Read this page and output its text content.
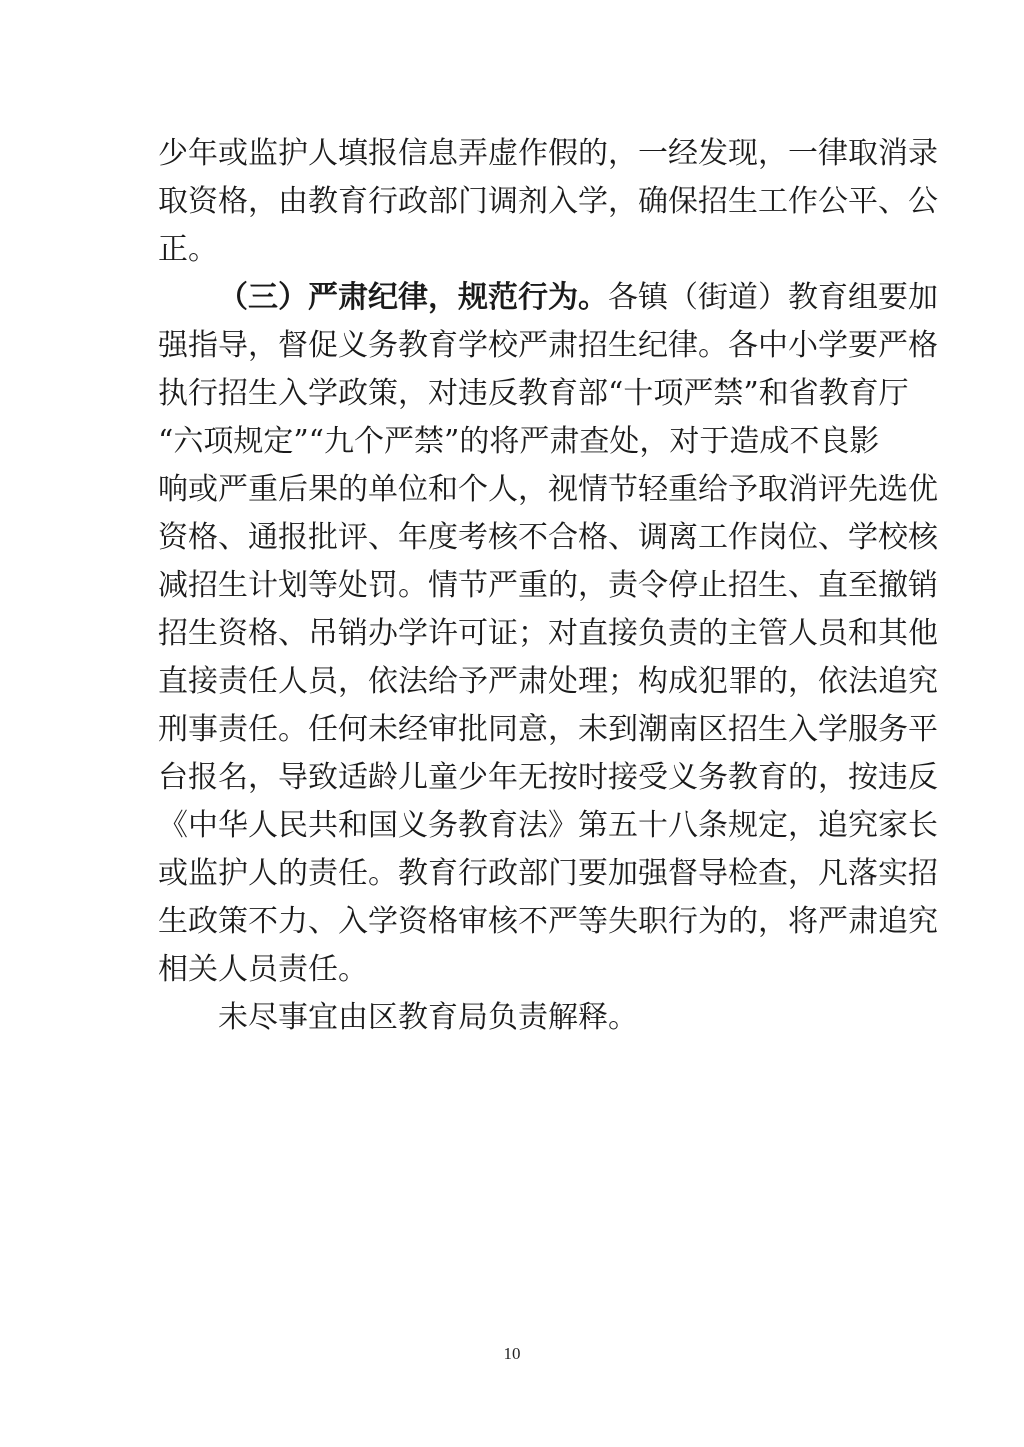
少年或监护人填报信息弄虚作假的，一经发现，一律取消录
取资格，由教育行政部门调剂入学，确保招生工作公平、公
正。
（三）严肃纪律，规范行为。各镇（街道）教育组要加
强指导，督促义务教育学校严肃招生纪律。各中小学要严格
执行招生入学政策，对违反教育部“十项严禁”和省教育厅
“六项规定”“九个严禁”的将严肃查处，对于造成不良影
响或严重后果的单位和个人，视情节轻重给予取消评先选优
资格、通报批评、年度考核不合格、调离工作岗位、学校核
减招生计划等处罚。情节严重的，责令停止招生、直至撤销
招生资格、吊销办学许可证；对直接负责的主管人员和其他
直接责任人员，依法给予严肃处理；构成犯罪的，依法追究
刑事责任。任何未经审批同意，未到潮南区招生入学服务平
台报名，导致适龄儿童少年无按时接受义务教育的，按违反
《中华人民共和国义务教育法》第五十八条规定，追究家长
或监护人的责任。教育行政部门要加强督导检查，凡落实招
生政策不力、入学资格审核不严等失职行为的，将严肃追究
相关人员责任。
未尽事宜由区教育局负责解释。
10
